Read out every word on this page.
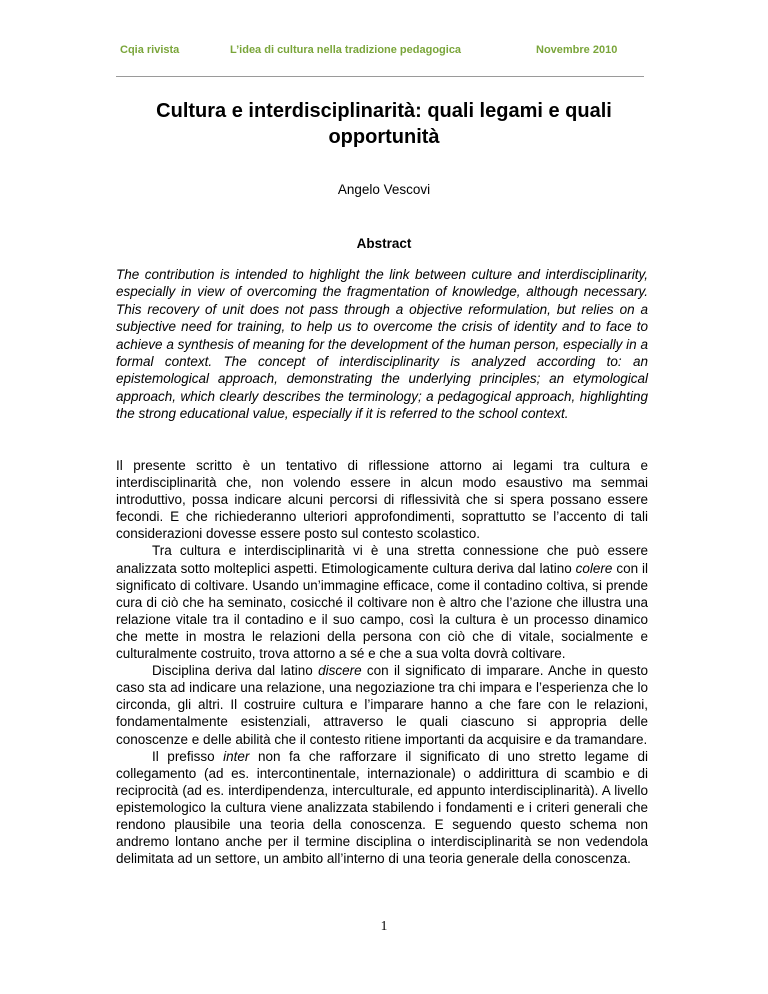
Cqia rivista	L’idea di cultura nella tradizione pedagogica	Novembre 2010
Cultura e interdisciplinarità: quali legami e quali opportunità
Angelo Vescovi
Abstract
The contribution is intended to highlight the link between culture and interdisciplinarity, especially in view of overcoming the fragmentation of knowledge, although necessary. This recovery of unit does not pass through a objective reformulation, but relies on a subjective need for training, to help us to overcome the crisis of identity and to face to achieve a synthesis of meaning for the development of the human person, especially in a formal context. The concept of interdisciplinarity is analyzed according to: an epistemological approach, demonstrating the underlying principles; an etymological approach, which clearly describes the terminology; a pedagogical approach, highlighting the strong educational value, especially if it is referred to the school context.

Il presente scritto è un tentativo di riflessione attorno ai legami tra cultura e interdisciplinarità che, non volendo essere in alcun modo esaustivo ma semmai introduttivo, possa indicare alcuni percorsi di riflessività che si spera possano essere fecondi. E che richiederanno ulteriori approfondimenti, soprattutto se l’accento di tali considerazioni dovesse essere posto sul contesto scolastico.

Tra cultura e interdisciplinarità vi è una stretta connessione che può essere analizzata sotto molteplici aspetti. Etimologicamente cultura deriva dal latino colere con il significato di coltivare. Usando un’immagine efficace, come il contadino coltiva, si prende cura di ciò che ha seminato, cosicché il coltivare non è altro che l’azione che illustra una relazione vitale tra il contadino e il suo campo, così la cultura è un processo dinamico che mette in mostra le relazioni della persona con ciò che di vitale, socialmente e culturalmente costruito, trova attorno a sé e che a sua volta dovrà coltivare.

Disciplina deriva dal latino discere con il significato di imparare. Anche in questo caso sta ad indicare una relazione, una negoziazione tra chi impara e l’esperienza che lo circonda, gli altri. Il costruire cultura e l’imparare hanno a che fare con le relazioni, fondamentalmente esistenziali, attraverso le quali ciascuno si appropria delle conoscenze e delle abilità che il contesto ritiene importanti da acquisire e da tramandare.

Il prefisso inter non fa che rafforzare il significato di uno stretto legame di collegamento (ad es. intercontinentale, internazionale) o addirittura di scambio e di reciprocità (ad es. interdipendenza, interculturale, ed appunto interdisciplinarità). A livello epistemologico la cultura viene analizzata stabilendo i fondamenti e i criteri generali che rendono plausibile una teoria della conoscenza. E seguendo questo schema non andremo lontano anche per il termine disciplina o interdisciplinarità se non vedendola delimitata ad un settore, un ambito all’interno di una teoria generale della conoscenza.

1
